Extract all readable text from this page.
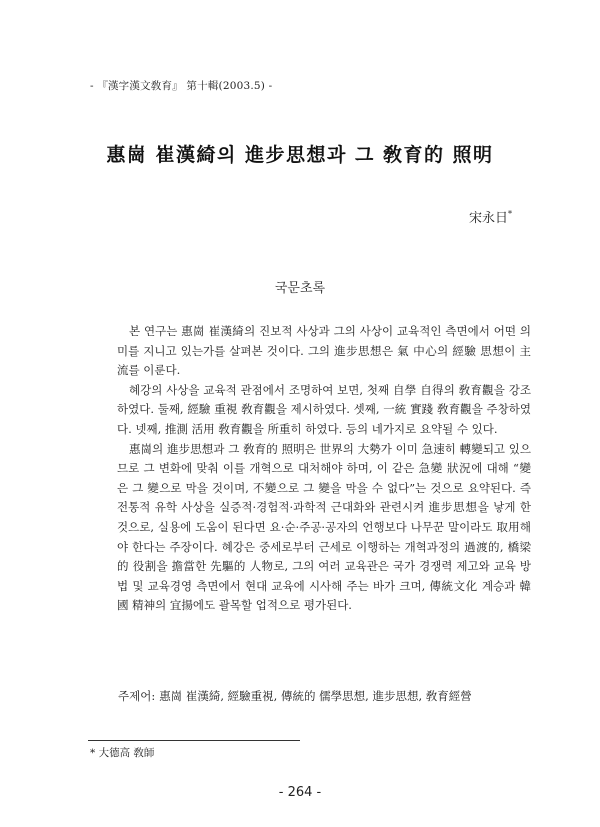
- 『漢字漢文敎育』 第十輯(2003.5) -
惠崗 崔漢綺의 進步思想과 그 敎育的 照明
宋永日*
국문초록

본 연구는 惠崗 崔漢綺의 진보적 사상과 그의 사상이 교육적인 측면에서 어떤 의미를 지니고 있는가를 살펴본 것이다. 그의 進步思想은 氣 中心의 經驗 思想이 主流를 이룬다.

혜강의 사상을 교육적 관점에서 조명하여 보면, 첫째 自學 自得의 敎育觀을 강조하였다. 둘째, 經驗 重視 敎育觀을 제시하였다. 셋째, 一統 實踐 敎育觀을 주창하였다. 넷째, 推測 活用 敎育觀을 所重히 하였다. 등의 네가지로 요약될 수 있다.

惠崗의 進步思想과 그 敎育的 照明은 世界의 大勢가 이미 急速히 轉變되고 있으므로 그 변화에 맞춰 이를 개혁으로 대처해야 하며, 이 같은 急變 狀況에 대해 “變은 그 變으로 막을 것이며, 不變으로 그 變을 막을 수 없다”는 것으로 요약된다. 즉 전통적 유학 사상을 실증적·경험적·과학적 근대화와 관련시켜 進步思想을 낳게 한 것으로, 실용에 도움이 된다면 요·순·주공·공자의 언행보다 나무꾼 말이라도 取用해야 한다는 주장이다. 혜강은 중세로부터 근세로 이행하는 개혁과정의 過渡的, 橋梁的 役割을 擔當한 先驅的 人物로, 그의 여러 교육관은 국가 경쟁력 제고와 교육 방법 및 교육경영 측면에서 현대 교육에 시사해 주는 바가 크며, 傳統文化 계승과 韓國 精神의 宜揚에도 괄목할 업적으로 평가된다.

주제어: 惠崗 崔漢綺, 經驗重視, 傳統的 儒學思想, 進步思想, 敎育經營
* 大德高 敎師
- 264 -
